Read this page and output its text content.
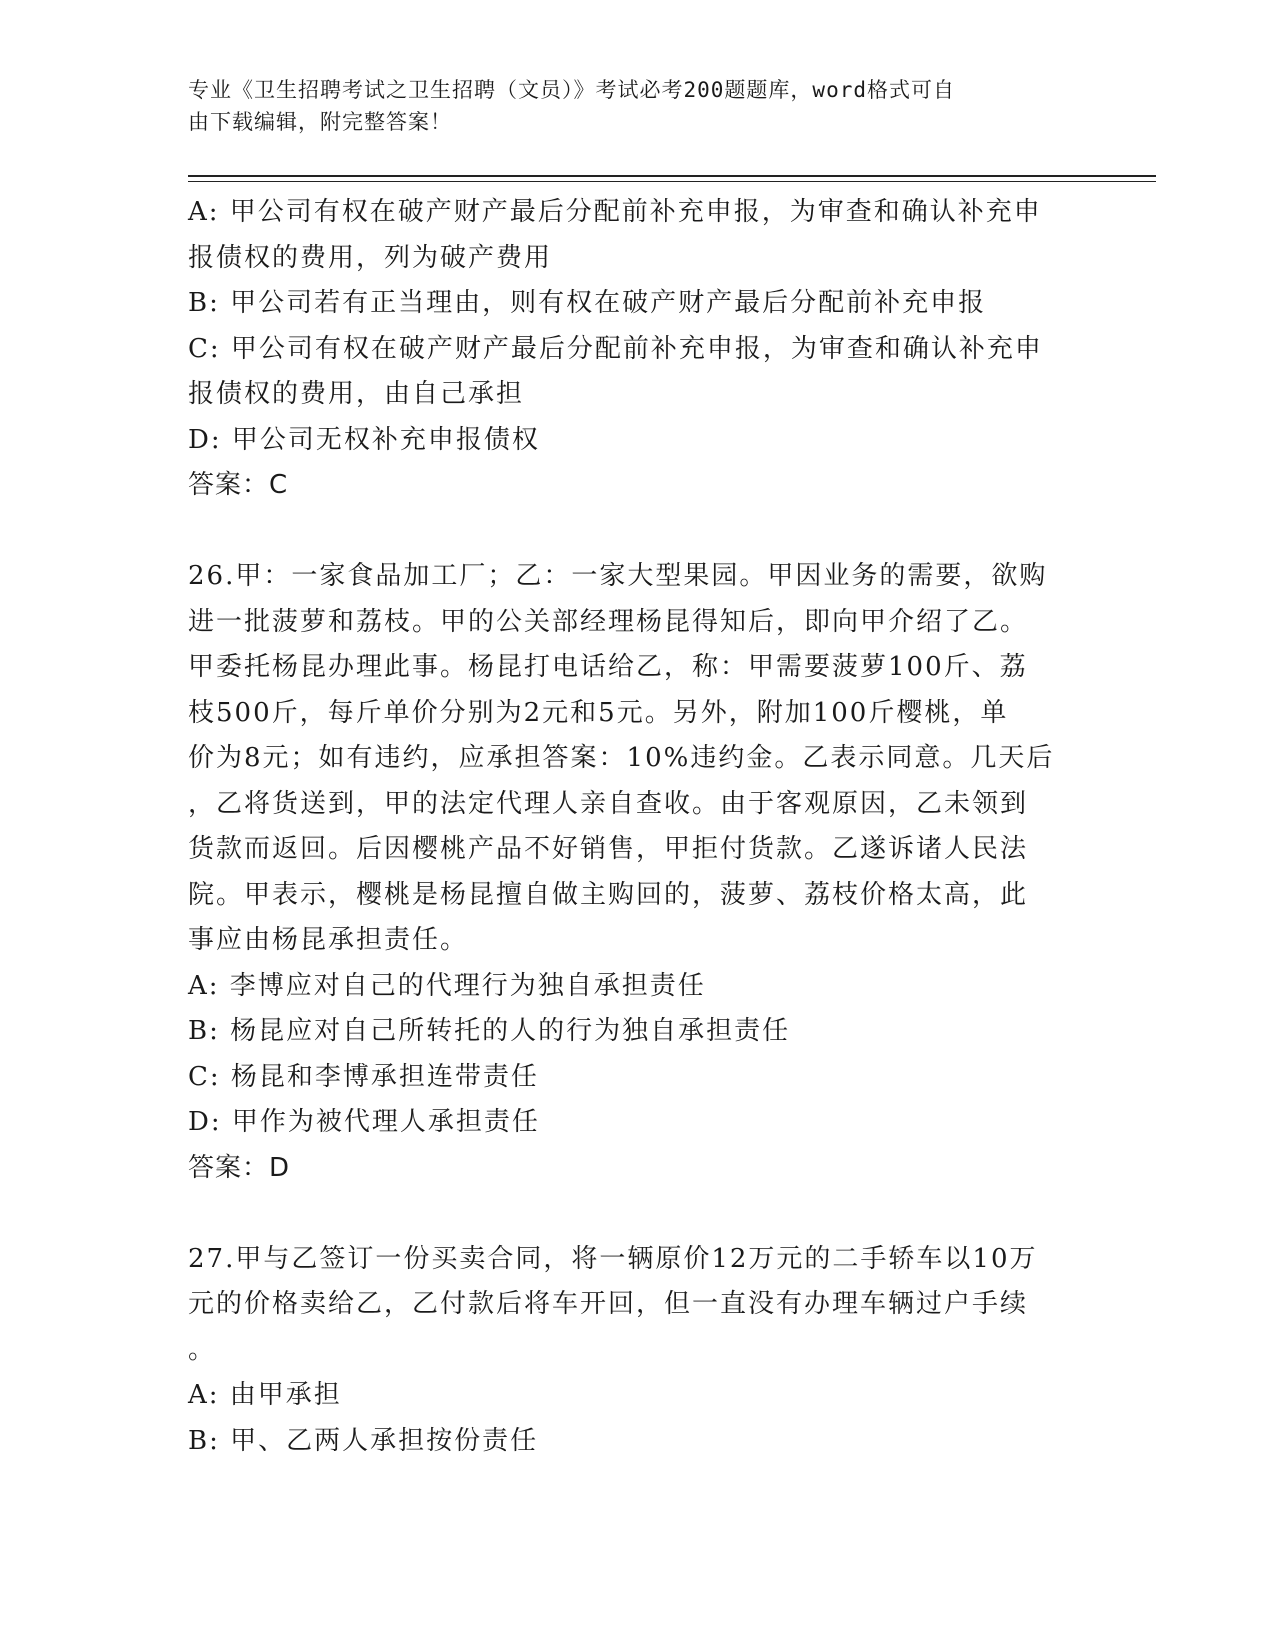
专业《卫生招聘考试之卫生招聘（文员）》考试必考200题题库，word格式可自
由下载编辑，附完整答案！
A: 甲公司有权在破产财产最后分配前补充申报，为审查和确认补充申
报债权的费用，列为破产费用
B: 甲公司若有正当理由，则有权在破产财产最后分配前补充申报
C: 甲公司有权在破产财产最后分配前补充申报，为审查和确认补充申
报债权的费用，由自己承担
D: 甲公司无权补充申报债权
答案：C
26.甲：一家食品加工厂；乙：一家大型果园。甲因业务的需要，欲购
进一批菠萝和荔枝。甲的公关部经理杨昆得知后，即向甲介绍了乙。
甲委托杨昆办理此事。杨昆打电话给乙，称：甲需要菠萝100斤、荔
枝500斤，每斤单价分别为2元和5元。另外，附加100斤樱桃，单
价为8元；如有违约，应承担答案：10%违约金。乙表示同意。几天后
，乙将货送到，甲的法定代理人亲自查收。由于客观原因，乙未领到
货款而返回。后因樱桃产品不好销售，甲拒付货款。乙遂诉诸人民法
院。甲表示，樱桃是杨昆擅自做主购回的，菠萝、荔枝价格太高，此
事应由杨昆承担责任。
A: 李博应对自己的代理行为独自承担责任
B: 杨昆应对自己所转托的人的行为独自承担责任
C: 杨昆和李博承担连带责任
D: 甲作为被代理人承担责任
答案：D
27.甲与乙签订一份买卖合同，将一辆原价12万元的二手轿车以10万
元的价格卖给乙，乙付款后将车开回，但一直没有办理车辆过户手续
。
A: 由甲承担
B: 甲、乙两人承担按份责任
